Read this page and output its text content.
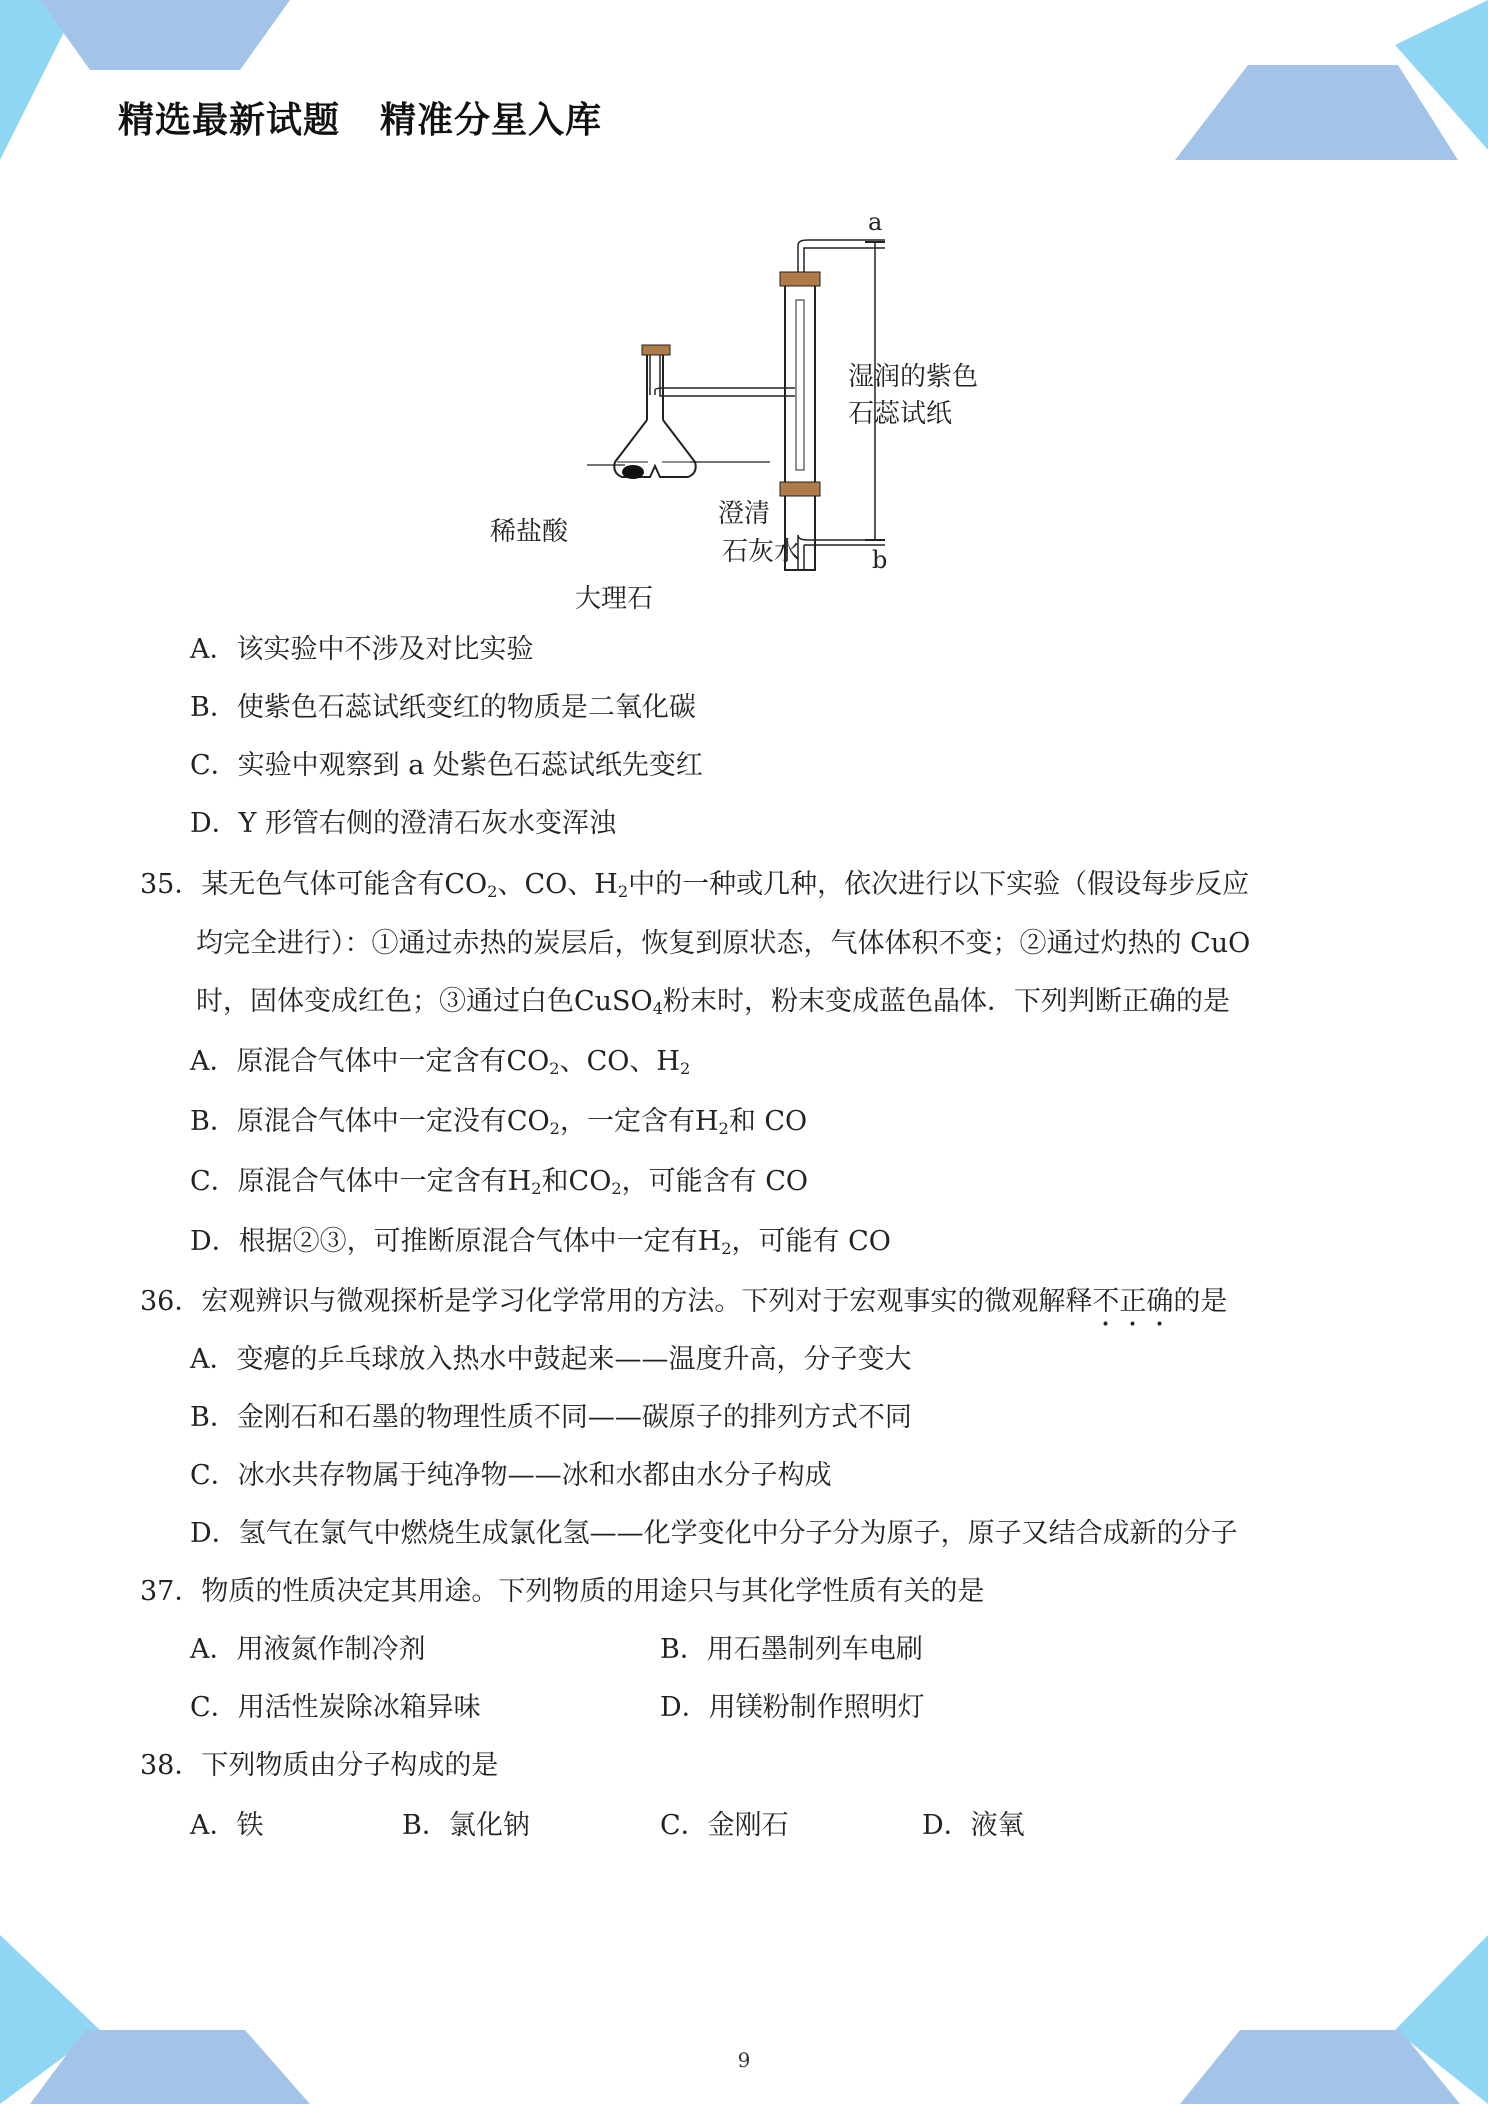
精选最新试题 精准分星入库
a
b
湿润的紫色
石蕊试纸
澄清
石灰水
稀盐酸
大理石
A．该实验中不涉及对比实验
B．使紫色石蕊试纸变红的物质是二氧化碳
C．实验中观察到 a 处紫色石蕊试纸先变红
D．Y 形管右侧的澄清石灰水变浑浊
35．某无色气体可能含有$CO_2$、CO、$H_2$中的一种或几种，依次进行以下实验（假设每步反应
均完全进行）：①通过赤热的炭层后，恢复到原状态，气体体积不变；②通过灼热的 CuO
时，固体变成红色；③通过白色CuSO$_4$粉末时，粉末变成蓝色晶体．下列判断正确的是
A．原混合气体中一定含有$CO_2$、CO、$H_2$
B．原混合气体中一定没有$CO_2$，一定含有$H_2$和 CO
C．原混合气体中一定含有$H_2$和$CO_2$，可能含有 CO
D．根据②③，可推断原混合气体中一定有$H_2$，可能有 CO
36．宏观辨识与微观探析是学习化学常用的方法。下列对于宏观事实的微观解释不正确的是
A．变瘪的乒乓球放入热水中鼓起来——温度升高，分子变大
B．金刚石和石墨的物理性质不同——碳原子的排列方式不同
C．冰水共存物属于纯净物——冰和水都由水分子构成
D．氢气在氯气中燃烧生成氯化氢——化学变化中分子分为原子，原子又结合成新的分子
37．物质的性质决定其用途。下列物质的用途只与其化学性质有关的是
A．用液氮作制冷剂	B．用石墨制列车电刷
C．用活性炭除冰箱异味	D．用镁粉制作照明灯
38．下列物质由分子构成的是
A．铁	B．氯化钠	C．金刚石	D．液氧
9
